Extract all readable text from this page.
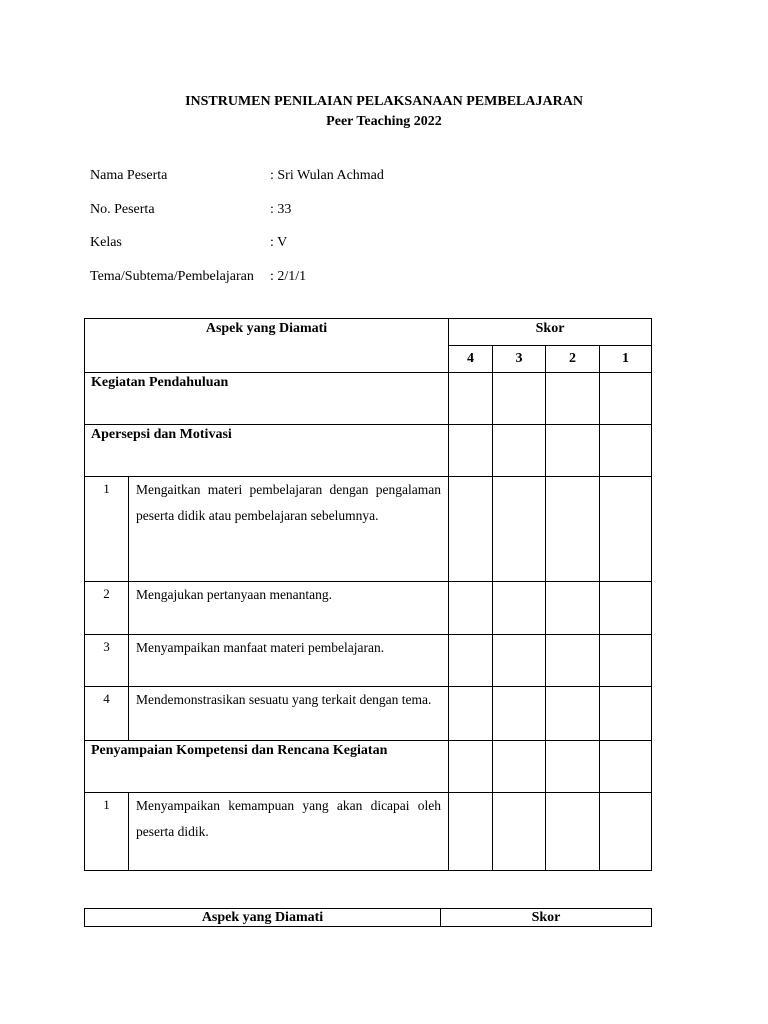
INSTRUMEN PENILAIAN PELAKSANAAN PEMBELAJARAN
Peer Teaching 2022
Nama Peserta	: Sri Wulan Achmad
No. Peserta	: 33
Kelas	: V
Tema/Subtema/Pembelajaran : 2/1/1
Aspek yang Diamati		Skor			
		4	3	2	1
Kegiatan Pendahuluan					
Apersepsi dan Motivasi					
1	Mengaitkan materi pembelajaran dengan pengalaman peserta didik atau pembelajaran sebelumnya.				
2	Mengajukan pertanyaan menantang.				
3	Menyampaikan manfaat materi pembelajaran.				
4	Mendemonstrasikan sesuatu yang terkait dengan tema.				
Penyampaian Kompetensi dan Rencana Kegiatan					
1	Menyampaikan kemampuan yang akan dicapai oleh peserta didik.				
Aspek yang Diamati	Skor
